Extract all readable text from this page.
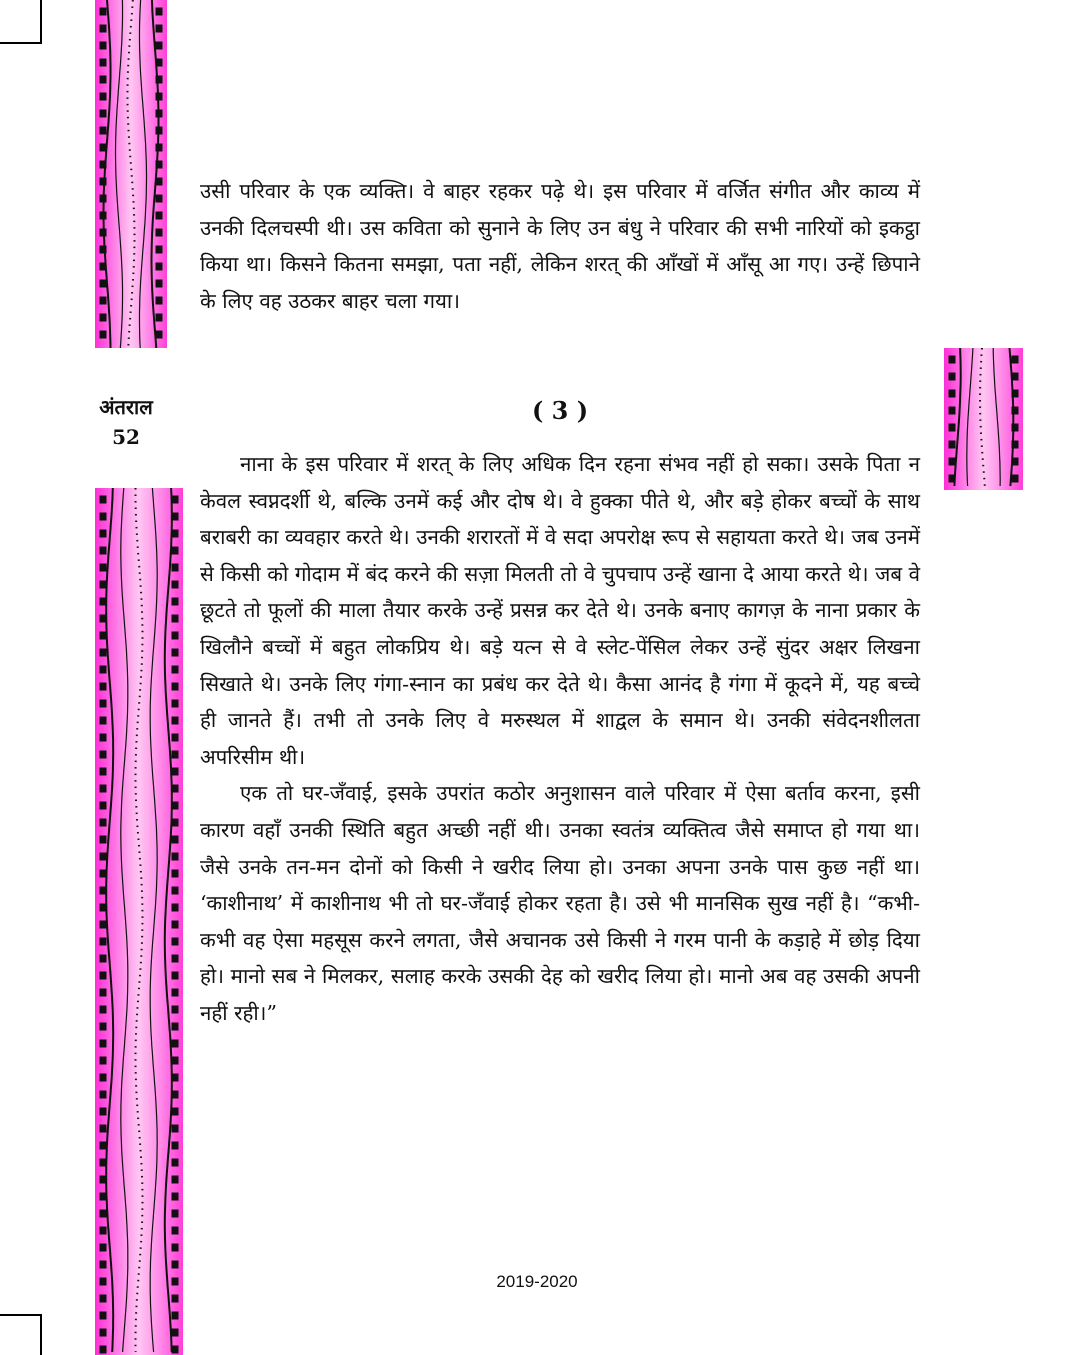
अंतराल
52

उसी परिवार के एक व्यक्ति। वे बाहर रहकर पढ़े थे। इस परिवार में वर्जित संगीत और काव्य में उनकी दिलचस्पी थी। उस कविता को सुनाने के लिए उन बंधु ने परिवार की सभी नारियों को इकट्ठा किया था। किसने कितना समझा, पता नहीं, लेकिन शरत् की आँखों में आँसू आ गए। उन्हें छिपाने के लिए वह उठकर बाहर चला गया।

( 3 )

नाना के इस परिवार में शरत् के लिए अधिक दिन रहना संभव नहीं हो सका। उसके पिता न केवल स्वप्नदर्शी थे, बल्कि उनमें कई और दोष थे। वे हुक्का पीते थे, और बड़े होकर बच्चों के साथ बराबरी का व्यवहार करते थे। उनकी शरारतों में वे सदा अपरोक्ष रूप से सहायता करते थे। जब उनमें से किसी को गोदाम में बंद करने की सज़ा मिलती तो वे चुपचाप उन्हें खाना दे आया करते थे। जब वे छूटते तो फूलों की माला तैयार करके उन्हें प्रसन्न कर देते थे। उनके बनाए कागज़ के नाना प्रकार के खिलौने बच्चों में बहुत लोकप्रिय थे। बड़े यत्न से वे स्लेट-पेंसिल लेकर उन्हें सुंदर अक्षर लिखना सिखाते थे। उनके लिए गंगा-स्नान का प्रबंध कर देते थे। कैसा आनंद है गंगा में कूदने में, यह बच्चे ही जानते हैं। तभी तो उनके लिए वे मरुस्थल में शाद्वल के समान थे। उनकी संवेदनशीलता अपरिसीम थी।

एक तो घर-जँवाई, इसके उपरांत कठोर अनुशासन वाले परिवार में ऐसा बर्ताव करना, इसी कारण वहाँ उनकी स्थिति बहुत अच्छी नहीं थी। उनका स्वतंत्र व्यक्तित्व जैसे समाप्त हो गया था। जैसे उनके तन-मन दोनों को किसी ने खरीद लिया हो। उनका अपना उनके पास कुछ नहीं था। ‘काशीनाथ’ में काशीनाथ भी तो घर-जँवाई होकर रहता है। उसे भी मानसिक सुख नहीं है। “कभी-कभी वह ऐसा महसूस करने लगता, जैसे अचानक उसे किसी ने गरम पानी के कड़ाहे में छोड़ दिया हो। मानो सब ने मिलकर, सलाह करके उसकी देह को खरीद लिया हो। मानो अब वह उसकी अपनी नहीं रही।”

2019-2020
